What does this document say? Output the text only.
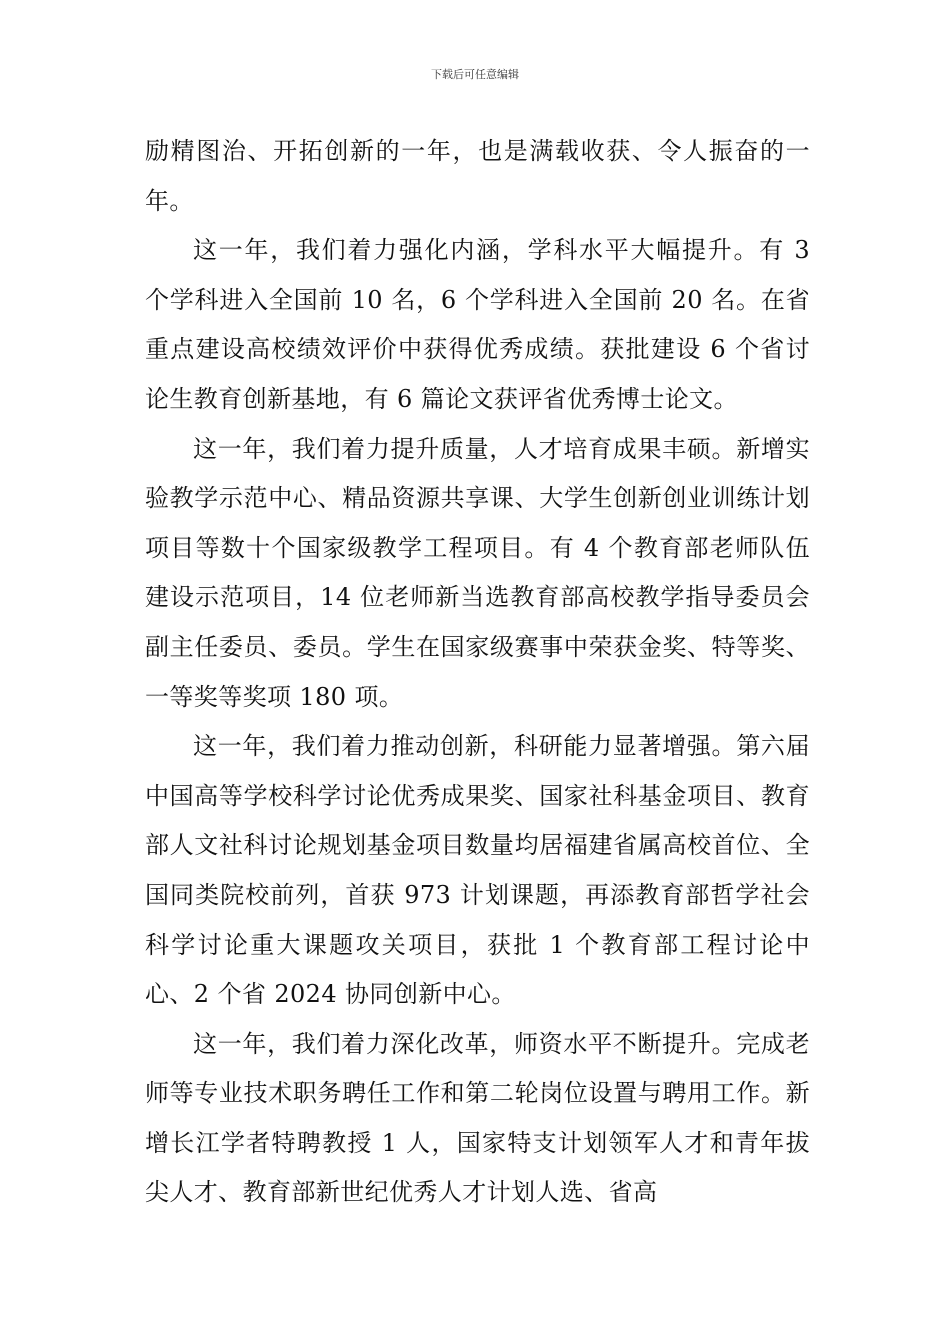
下载后可任意编辑

励精图治、开拓创新的一年，也是满载收获、令人振奋的一年。

这一年，我们着力强化内涵，学科水平大幅提升。有 3 个学科进入全国前 10 名，6 个学科进入全国前 20 名。在省重点建设高校绩效评价中获得优秀成绩。获批建设 6 个省讨论生教育创新基地，有 6 篇论文获评省优秀博士论文。

这一年，我们着力提升质量，人才培育成果丰硕。新增实验教学示范中心、精品资源共享课、大学生创新创业训练计划项目等数十个国家级教学工程项目。有 4 个教育部老师队伍建设示范项目，14 位老师新当选教育部高校教学指导委员会副主任委员、委员。学生在国家级赛事中荣获金奖、特等奖、一等奖等奖项 180 项。

这一年，我们着力推动创新，科研能力显著增强。第六届中国高等学校科学讨论优秀成果奖、国家社科基金项目、教育部人文社科讨论规划基金项目数量均居福建省属高校首位、全国同类院校前列，首获 973 计划课题，再添教育部哲学社会科学讨论重大课题攻关项目，获批 1 个教育部工程讨论中心、2 个省 2024 协同创新中心。

这一年，我们着力深化改革，师资水平不断提升。完成老师等专业技术职务聘任工作和第二轮岗位设置与聘用工作。新增长江学者特聘教授 1 人，国家特支计划领军人才和青年拔尖人才、教育部新世纪优秀人才计划人选、省高
